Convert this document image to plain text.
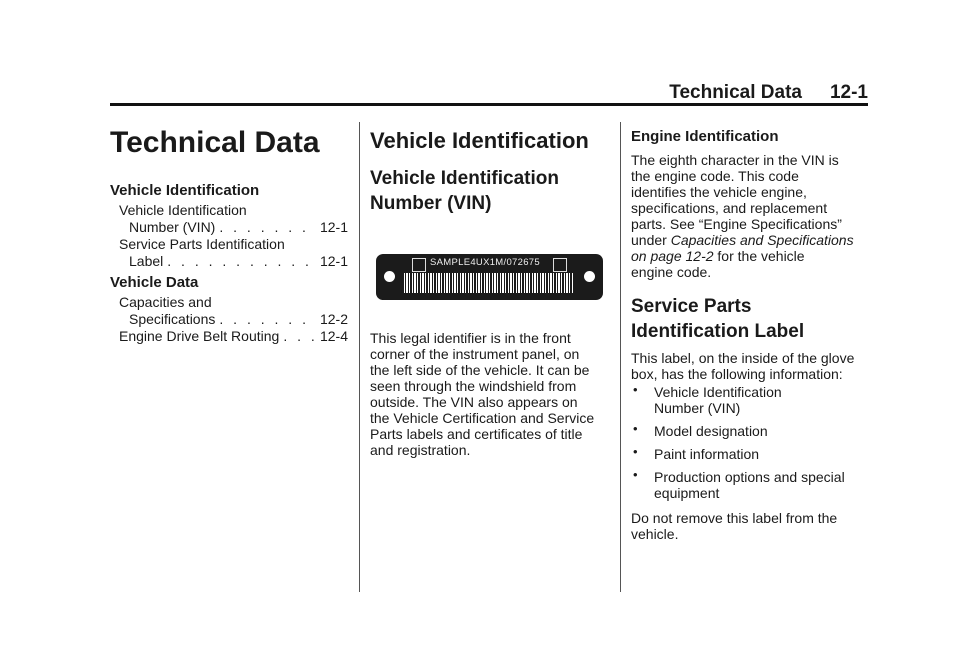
Technical Data 12-1
Technical Data
Vehicle Identification
Vehicle Identification
Number (VIN) . . .	12-1
Service Parts Identification
Label . . .	12-1
Vehicle Data
Capacities and
Specifications . . .	12-2
Engine Drive Belt Routing . . .	12-4
Vehicle Identification
Vehicle Identification
Number (VIN)
SAMPLE4UX1M/072675
This legal identifier is in the front
corner of the instrument panel, on
the left side of the vehicle. It can be
seen through the windshield from
outside. The VIN also appears on
the Vehicle Certification and Service
Parts labels and certificates of title
and registration.
Engine Identification
The eighth character in the VIN is
the engine code. This code
identifies the vehicle engine,
specifications, and replacement
parts. See “Engine Specifications”
under Capacities and Specifications
on page 12-2 for the vehicle
engine code.
Service Parts
Identification Label
This label, on the inside of the glove
box, has the following information:
• Vehicle Identification
Number (VIN)
• Model designation
• Paint information
• Production options and special
equipment
Do not remove this label from the
vehicle.
